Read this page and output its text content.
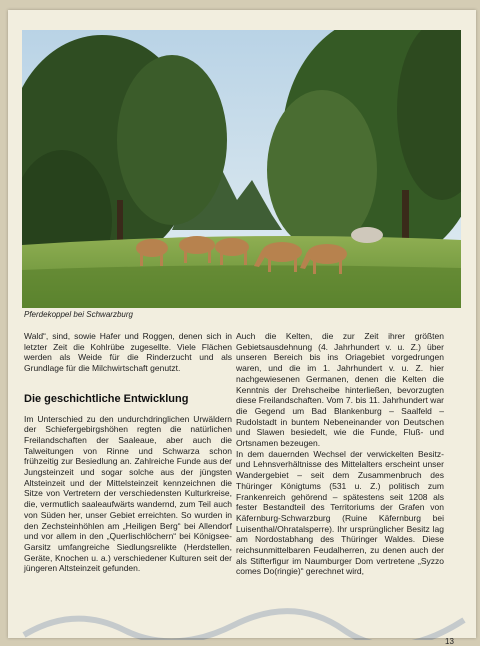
Pferdekoppel bei Schwarzburg

Wald“, sind, sowie Hafer und Roggen, denen sich in letzter Zeit die Kohlrübe zugesellte. Viele Flächen werden als Weide für die Rinderzucht und als Grundlage für die Milchwirtschaft genutzt.

Die geschichtliche Entwicklung

Im Unterschied zu den undurchdringlichen Urwäldern der Schiefergebirgshöhen regten die natürlichen Freilandschaften der Saaleaue, aber auch die Talweitungen von Rinne und Schwarza schon frühzeitig zur Besiedlung an. Zahlreiche Funde aus der Jungsteinzeit und sogar solche aus der jüngsten Altsteinzeit und der Mittelsteinzeit kennzeichnen die Sitze von Vertretern der verschiedensten Kulturkreise, die, vermutlich saaleaufwärts wandernd, zum Teil auch von Süden her, unser Gebiet erreichten. So wurden in den Zechsteinhöhlen am „Heiligen Berg“ bei Allendorf und vor allem in den „Querlischlöchern“ bei Königsee-Garsitz umfangreiche Siedlungsrelikte (Herdstellen, Geräte, Knochen u. a.) verschiedener Kulturen seit der jüngeren Altsteinzeit gefunden.

Auch die Kelten, die zur Zeit ihrer größten Gebietsausdehnung (4. Jahrhundert v. u. Z.) über unseren Bereich bis ins Oriagebiet vorgedrungen waren, und die im 1. Jahrhundert v. u. Z. hier nachgewiesenen Germanen, denen die Kelten die Kenntnis der Drehscheibe hinterließen, bevorzugten diese Freilandschaften. Vom 7. bis 11. Jahrhundert war die Gegend um Bad Blankenburg – Saalfeld – Rudolstadt in buntem Nebeneinander von Deutschen und Slawen besiedelt, wie die Funde, Fluß- und Ortsnamen bezeugen.

In dem dauernden Wechsel der verwickelten Besitz- und Lehnsverhältnisse des Mittelalters erscheint unser Wandergebiet – seit dem Zusammenbruch des Thüringer Königtums (531 u. Z.) politisch zum Frankenreich gehörend – spätestens seit 1208 als fester Bestandteil des Territoriums der Grafen von Käfernburg-Schwarzburg (Ruine Käfernburg bei Luisenthal/Ohratalsperre). Ihr ursprünglicher Besitz lag am Nordostabhang des Thüringer Waldes. Diese reichsunmittelbaren Feudalherren, zu denen auch der als Stifterfigur im Naumburger Dom vertretene „Syzzo comes Do(ringie)“ gerechnet wird,

13
